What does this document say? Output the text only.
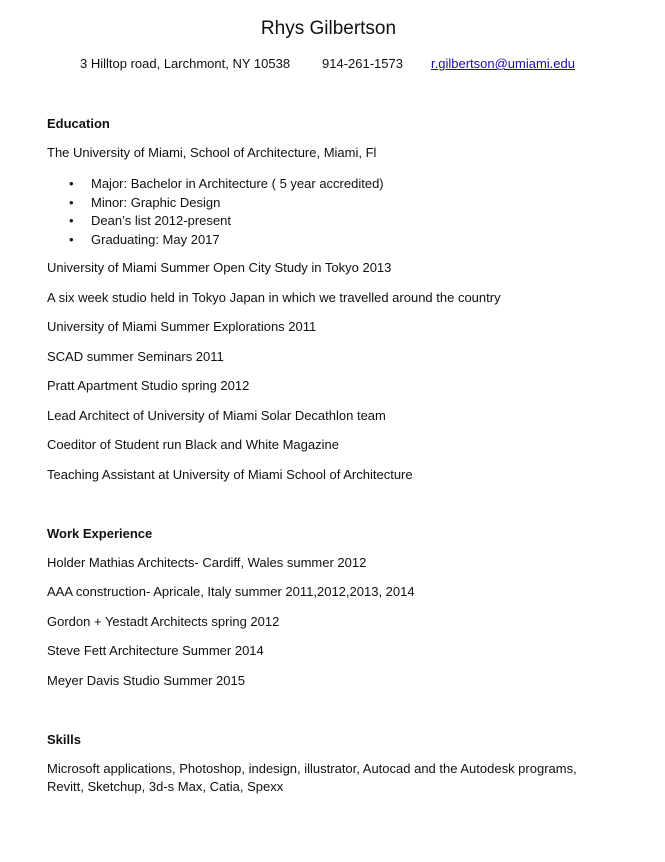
Rhys Gilbertson
3 Hilltop road, Larchmont, NY 10538 914-261-1573 r.gilbertson@umiami.edu
Education
The University of Miami, School of Architecture, Miami, Fl
• Major: Bachelor in Architecture ( 5 year accredited)
• Minor: Graphic Design
• Dean’s list 2012-present
• Graduating: May 2017
University of Miami Summer Open City Study in Tokyo 2013
A six week studio held in Tokyo Japan in which we travelled around the country
University of Miami Summer Explorations 2011
SCAD summer Seminars 2011
Pratt Apartment Studio spring 2012
Lead Architect of University of Miami Solar Decathlon team
Coeditor of Student run Black and White Magazine
Teaching Assistant at University of Miami School of Architecture
Work Experience
Holder Mathias Architects- Cardiff, Wales summer 2012
AAA construction- Apricale, Italy summer 2011,2012,2013, 2014
Gordon + Yestadt Architects spring 2012
Steve Fett Architecture Summer 2014
Meyer Davis Studio Summer 2015
Skills
Microsoft applications, Photoshop, indesign, illustrator, Autocad and the Autodesk programs, Revitt, Sketchup, 3d-s Max, Catia, Spexx
